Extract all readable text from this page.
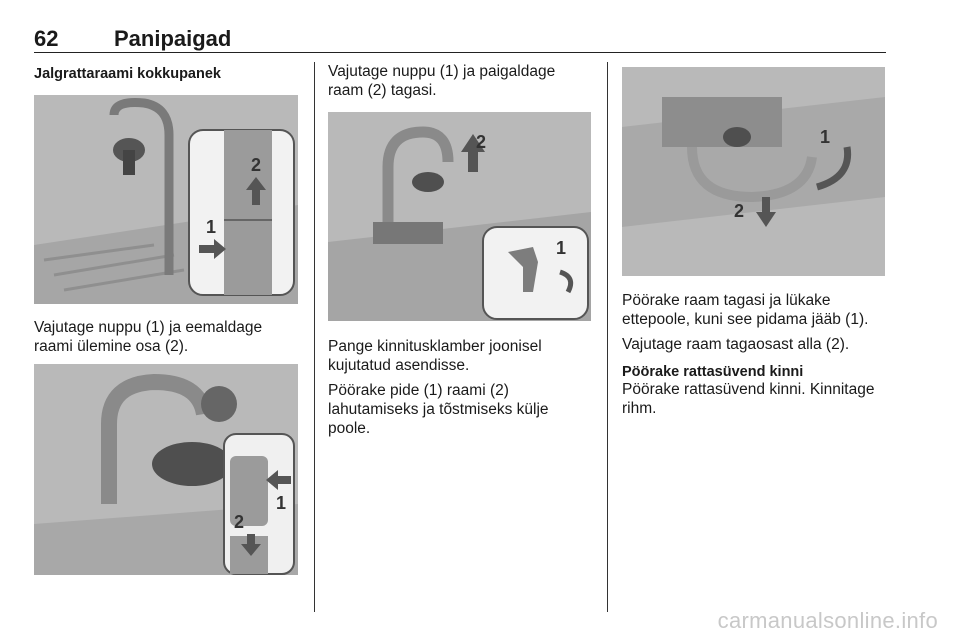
62	Panipaigad
Jalgrattaraami kokkupanek
2
1

Vajutage nuppu (1) ja eemaldage raami ülemine osa (2).

1
2

Vajutage nuppu (1) ja paigaldage raam (2) tagasi.

2
1

Pange kinnitusklamber joonisel kujutatud asendisse.

Pöörake pide (1) raami (2) lahutamiseks ja tõstmiseks külje poole.

1
2

Pöörake raam tagasi ja lükake ettepoole, kuni see pidama jääb (1).

Vajutage raam tagaosast alla (2).

Pöörake rattasüvend kinni

Pöörake rattasüvend kinni. Kinnitage rihm.

carmanualsonline.info
